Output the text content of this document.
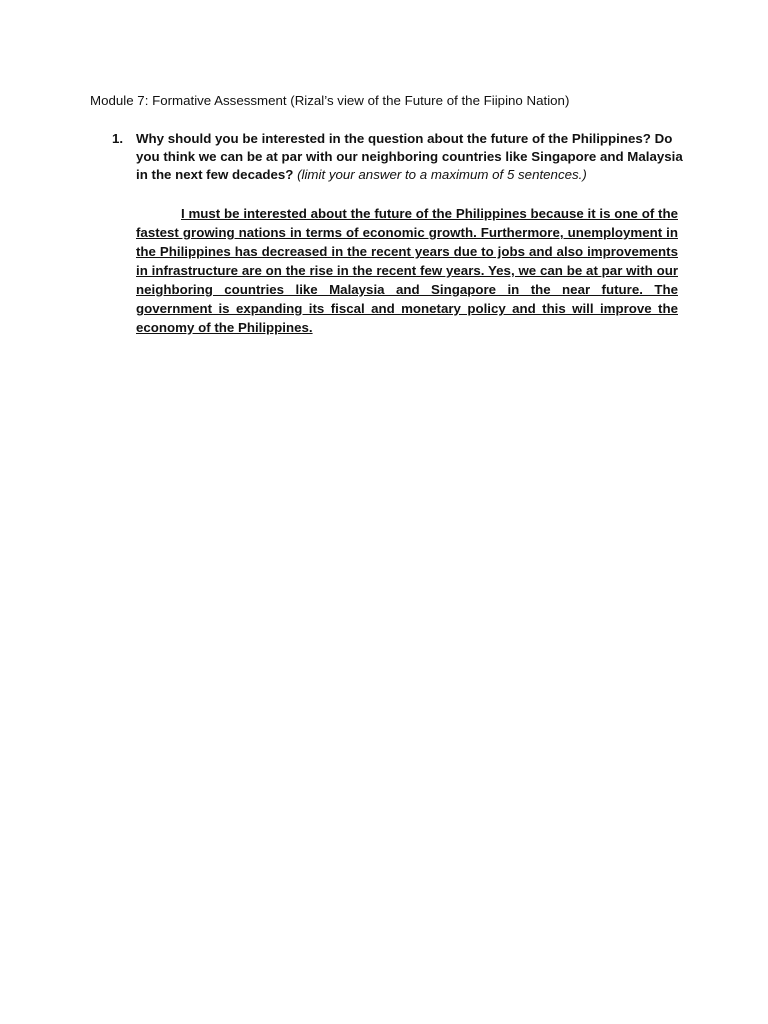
Module 7: Formative Assessment (Rizal’s view of the Future of the Fiipino Nation)
1. Why should you be interested in the question about the future of the Philippines? Do you think we can be at par with our neighboring countries like Singapore and Malaysia in the next few decades? (limit your answer to a maximum of 5 sentences.)

I must be interested about the future of the Philippines because it is one of the fastest growing nations in terms of economic growth. Furthermore, unemployment in the Philippines has decreased in the recent years due to jobs and also improvements in infrastructure are on the rise in the recent few years. Yes, we can be at par with our neighboring countries like Malaysia and Singapore in the near future. The government is expanding its fiscal and monetary policy and this will improve the economy of the Philippines.
